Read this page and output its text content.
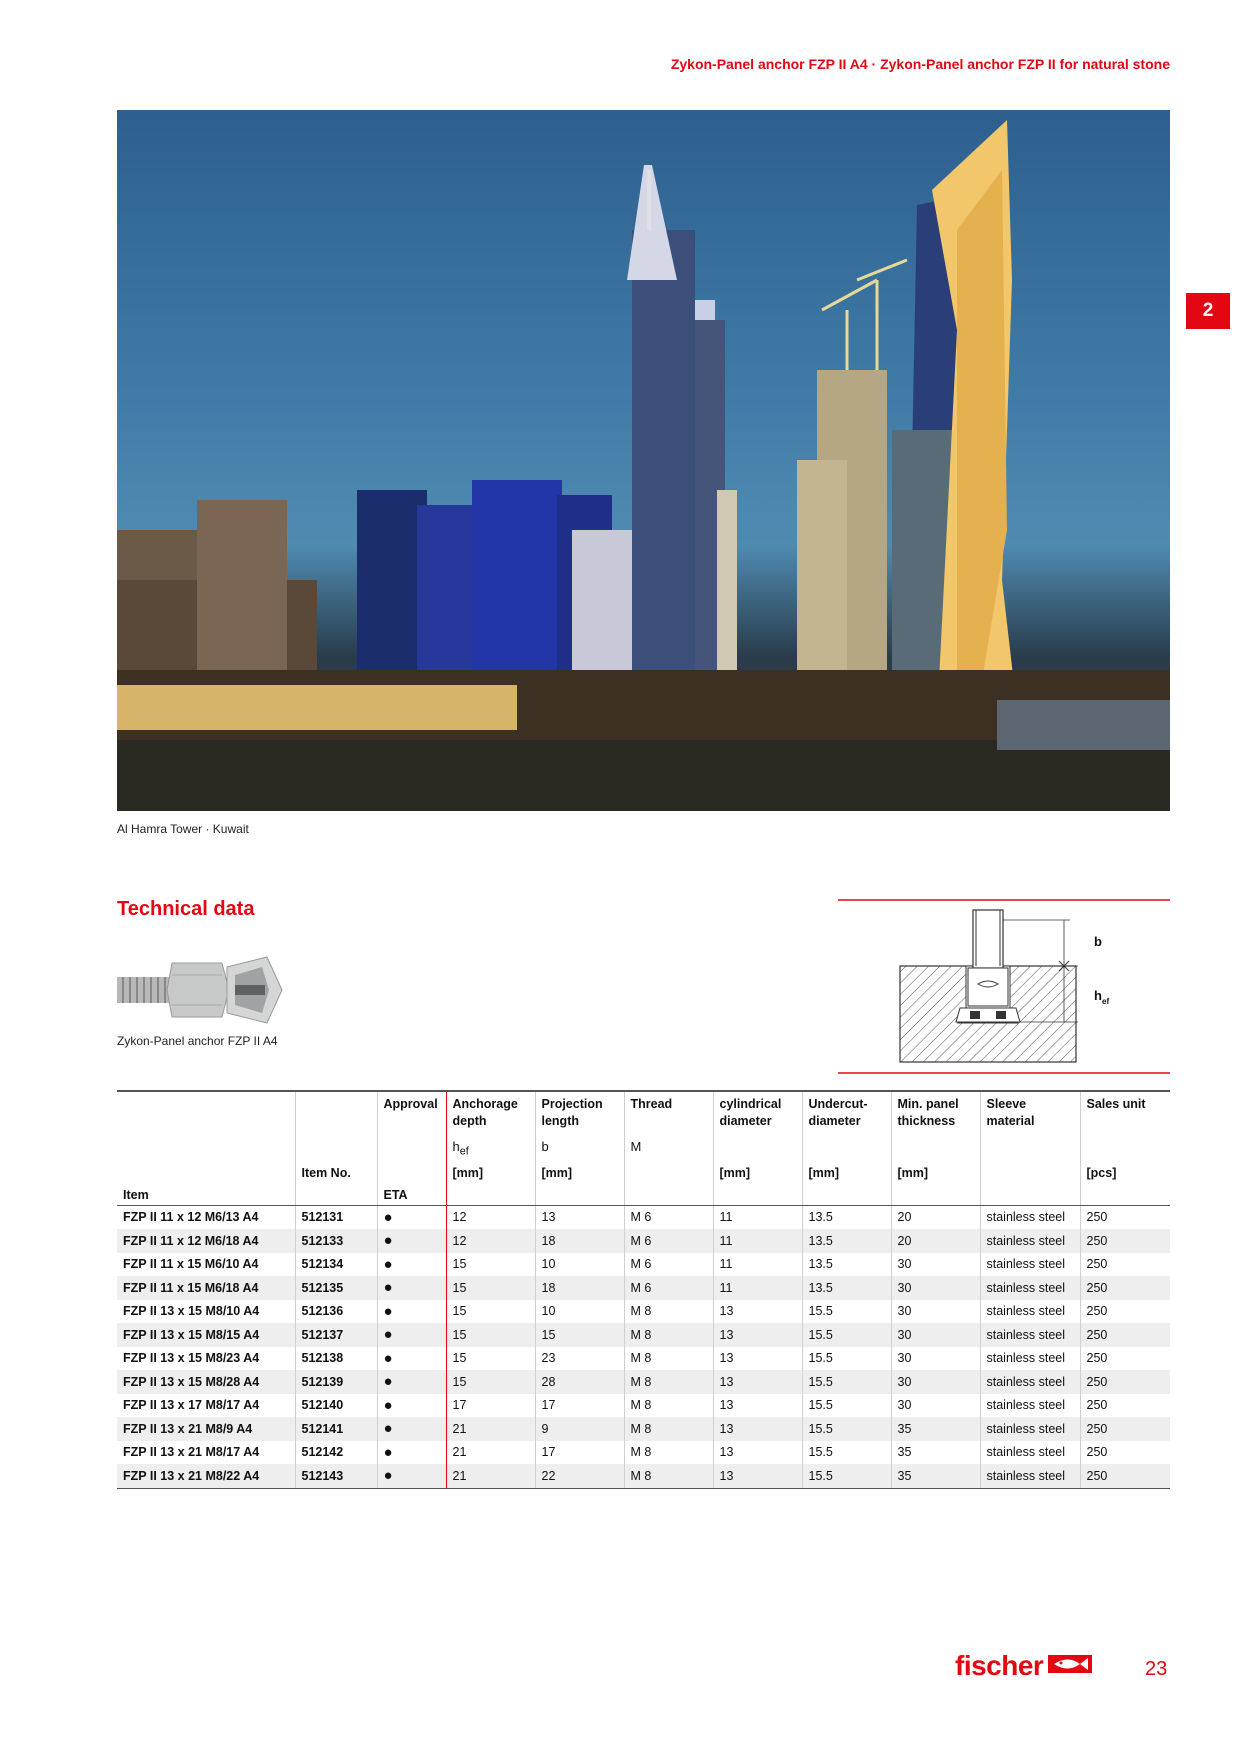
Zykon-Panel anchor FZP II A4 · Zykon-Panel anchor FZP II for natural stone
Al Hamra Tower · Kuwait
2
Technical data
Zykon-Panel anchor FZP II A4
b
h ef
		Approval	Anchorage depth	Projection length	Thread	cylindrical diameter	Undercut-diameter	Min. panel thickness	Sleeve material	Sales unit
			$h_{ef}$	b	M					
	Item No.		[mm]	[mm]		[mm]	[mm]	[mm]		[pcs]
Item		ETA								
FZP II 11 x 12 M6/13 A4	512131	●	12	13	M 6	11	13.5	20	stainless steel	250
FZP II 11 x 12 M6/18 A4	512133	●	12	18	M 6	11	13.5	20	stainless steel	250
FZP II 11 x 15 M6/10 A4	512134	●	15	10	M 6	11	13.5	30	stainless steel	250
FZP II 11 x 15 M6/18 A4	512135	●	15	18	M 6	11	13.5	30	stainless steel	250
FZP II 13 x 15 M8/10 A4	512136	●	15	10	M 8	13	15.5	30	stainless steel	250
FZP II 13 x 15 M8/15 A4	512137	●	15	15	M 8	13	15.5	30	stainless steel	250
FZP II 13 x 15 M8/23 A4	512138	●	15	23	M 8	13	15.5	30	stainless steel	250
FZP II 13 x 15 M8/28 A4	512139	●	15	28	M 8	13	15.5	30	stainless steel	250
FZP II 13 x 17 M8/17 A4	512140	●	17	17	M 8	13	15.5	30	stainless steel	250
FZP II 13 x 21 M8/9 A4	512141	●	21	9	M 8	13	15.5	35	stainless steel	250
FZP II 13 x 21 M8/17 A4	512142	●	21	17	M 8	13	15.5	35	stainless steel	250
FZP II 13 x 21 M8/22 A4	512143	●	21	22	M 8	13	15.5	35	stainless steel	250
fischer	23
